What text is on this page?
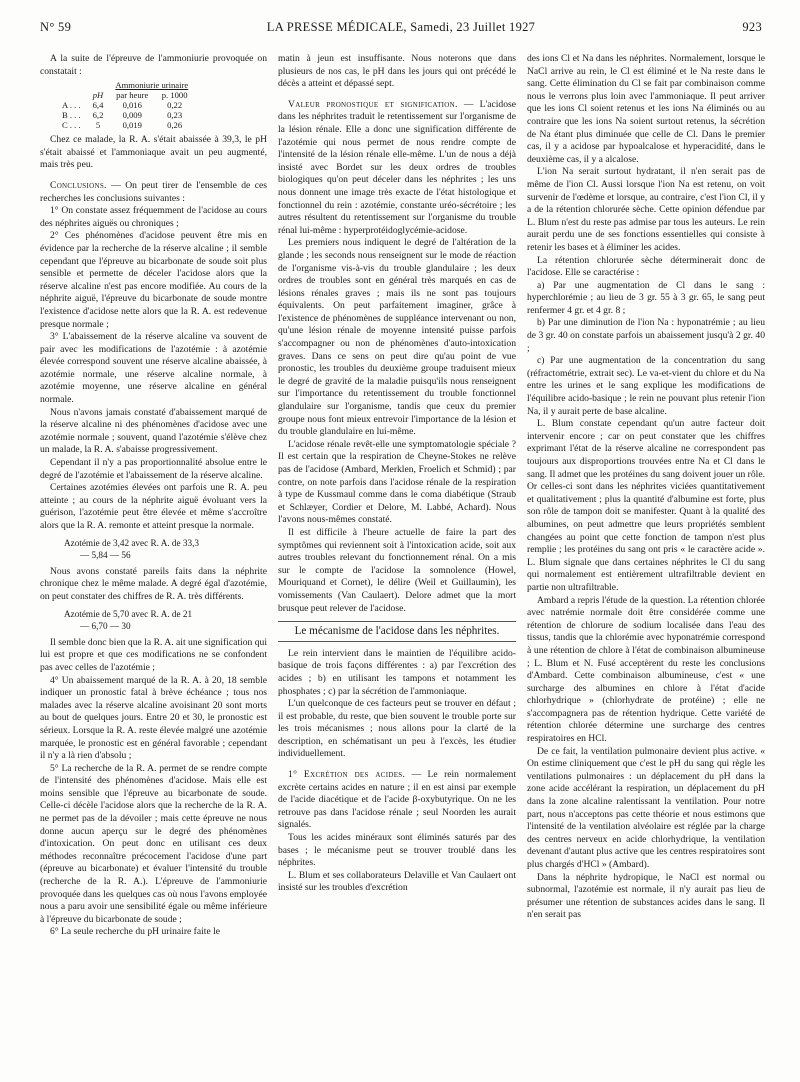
N° 59	LA PRESSE MÉDICALE, Samedi, 23 Juillet 1927	923

A la suite de l'épreuve de l'ammoniurie provoquée on constatait :

		Ammoniurie urinaire	
	pH	par heure	p. 1000
A . . .	6,4	0,016	0,22
B . . .	6,2	0,009	0,23
C . . .	5	0,019	0,26

Chez ce malade, la R. A. s'était abaissée à 39,3, le pH s'était abaissé et l'ammoniaque avait un peu augmenté, mais très peu.

Conclusions. — On peut tirer de l'ensemble de ces recherches les conclusions suivantes :

1° On constate assez fréquemment de l'acidose au cours des néphrites aiguës ou chroniques ;

2° Ces phénomènes d'acidose peuvent être mis en évidence par la recherche de la réserve alcaline ; il semble cependant que l'épreuve au bicarbonate de soude soit plus sensible et permette de déceler l'acidose alors que la réserve alcaline n'est pas encore modifiée. Au cours de la néphrite aiguë, l'épreuve du bicarbonate de soude montre l'existence d'acidose nette alors que la R. A. est redevenue presque normale ;

3° L'abaissement de la réserve alcaline va souvent de pair avec les modifications de l'azotémie : à azotémie élevée correspond souvent une réserve alcaline abaissée, à azotémie normale, une réserve alcaline normale, à azotémie moyenne, une réserve alcaline en général normale.

Nous n'avons jamais constaté d'abaissement marqué de la réserve alcaline ni des phénomènes d'acidose avec une azotémie normale ; souvent, quand l'azotémie s'élève chez un malade, la R. A. s'abaisse progressivement.

Cependant il n'y a pas proportionnalité absolue entre le degré de l'azotémie et l'abaissement de la réserve alcaline.

Certaines azotémies élevées ont parfois une R. A. peu atteinte ; au cours de la néphrite aiguë évoluant vers la guérison, l'azotémie peut être élevée et même s'accroître alors que la R. A. remonte et atteint presque la normale.

Azotémie de 3,42 avec R. A. de 33,3

— 5,84 — 56

Nous avons constaté pareils faits dans la néphrite chronique chez le même malade. A degré égal d'azotémie, on peut constater des chiffres de R. A. très différents.

Azotémie de 5,70 avec R. A. de 21

— 6,70 — 30

Il semble donc bien que la R. A. ait une signification qui lui est propre et que ces modifications ne se confondent pas avec celles de l'azotémie ;

4° Un abaissement marqué de la R. A. à 20, 18 semble indiquer un pronostic fatal à brève échéance ; tous nos malades avec la réserve alcaline avoisinant 20 sont morts au bout de quelques jours. Entre 20 et 30, le pronostic est sérieux. Lorsque la R. A. reste élevée malgré une azotémie marquée, le pronostic est en général favorable ; cependant il n'y a là rien d'absolu ;

5° La recherche de la R. A. permet de se rendre compte de l'intensité des phénomènes d'acidose. Mais elle est moins sensible que l'épreuve au bicarbonate de soude. Celle-ci décèle l'acidose alors que la recherche de la R. A. ne permet pas de la dévoiler ; mais cette épreuve ne nous donne aucun aperçu sur le degré des phénomènes d'intoxication. On peut donc en utilisant ces deux méthodes reconnaître précocement l'acidose d'une part (épreuve au bicarbonate) et évaluer l'intensité du trouble (recherche de la R. A.). L'épreuve de l'ammoniurie provoquée dans les quelques cas où nous l'avons employée nous a paru avoir une sensibilité égale ou même inférieure à l'épreuve du bicarbonate de soude ;

6° La seule recherche du pH urinaire faite le

matin à jeun est insuffisante. Nous noterons que dans plusieurs de nos cas, le pH dans les jours qui ont précédé le décès a atteint et dépassé sept.

Valeur pronostique et signification. — L'acidose dans les néphrites traduit le retentissement sur l'organisme de la lésion rénale. Elle a donc une signification différente de l'azotémie qui nous permet de nous rendre compte de l'intensité de la lésion rénale elle-même. L'un de nous a déjà insisté avec Bordet sur les deux ordres de troubles biologiques qu'on peut déceler dans les néphrites ; les uns nous donnent une image très exacte de l'état histologique et fonctionnel du rein : azotémie, constante uréo-sécrétoire ; les autres résultent du retentissement sur l'organisme du trouble rénal lui-même : hyperprotéidoglycémie-acidose.

Les premiers nous indiquent le degré de l'altération de la glande ; les seconds nous renseignent sur le mode de réaction de l'organisme vis-à-vis du trouble glandulaire ; les deux ordres de troubles sont en général très marqués en cas de lésions rénales graves ; mais ils ne sont pas toujours équivalents. On peut parfaitement imaginer, grâce à l'existence de phénomènes de suppléance intervenant ou non, qu'une lésion rénale de moyenne intensité puisse parfois s'accompagner ou non de phénomènes d'auto-intoxication graves. Dans ce sens on peut dire qu'au point de vue pronostic, les troubles du deuxième groupe traduisent mieux le degré de gravité de la maladie puisqu'ils nous renseignent sur l'importance du retentissement du trouble fonctionnel glandulaire sur l'organisme, tandis que ceux du premier groupe nous font mieux entrevoir l'importance de la lésion et du trouble glandulaire en lui-même.

L'acidose rénale revêt-elle une symptomatologie spéciale ? Il est certain que la respiration de Cheyne-Stokes ne relève pas de l'acidose (Ambard, Merklen, Froelich et Schmid) ; par contre, on note parfois dans l'acidose rénale de la respiration à type de Kussmaul comme dans le coma diabétique (Straub et Schlæyer, Cordier et Delore, M. Labbé, Achard). Nous l'avons nous-mêmes constaté.

Il est difficile à l'heure actuelle de faire la part des symptômes qui reviennent soit à l'intoxication acide, soit aux autres troubles relevant du fonctionnement rénal. On a mis sur le compte de l'acidose la somnolence (Howel, Mouriquand et Cornet), le délire (Weil et Guillaumin), les vomissements (Van Caulaert). Delore admet que la mort brusque peut relever de l'acidose.

Le mécanisme de l'acidose dans les néphrites.

Le rein intervient dans le maintien de l'équilibre acido-basique de trois façons différentes : a) par l'excrétion des acides ; b) en utilisant les tampons et notamment les phosphates ; c) par la sécrétion de l'ammoniaque.

L'un quelconque de ces facteurs peut se trouver en défaut ; il est probable, du reste, que bien souvent le trouble porte sur les trois mécanismes ; nous allons pour la clarté de la description, en schématisant un peu à l'excès, les étudier individuellement.

1° Excrétion des acides. — Le rein normalement excrète certains acides en nature ; il en est ainsi par exemple de l'acide diacétique et de l'acide β-oxybutyrique. On ne les retrouve pas dans l'acidose rénale ; seul Noorden les aurait signalés.

Tous les acides minéraux sont éliminés saturés par des bases ; le mécanisme peut se trouver troublé dans les néphrites.

L. Blum et ses collaborateurs Delaville et Van Caulaert ont insisté sur les troubles d'excrétion

des ions Cl et Na dans les néphrites. Normalement, lorsque le NaCl arrive au rein, le Cl est éliminé et le Na reste dans le sang. Cette élimination du Cl se fait par combinaison comme nous le verrons plus loin avec l'ammoniaque. Il peut arriver que les ions Cl soient retenus et les ions Na éliminés ou au contraire que les ions Na soient surtout retenus, la sécrétion de Na étant plus diminuée que celle de Cl. Dans le premier cas, il y a acidose par hypoalcalose et hyperacidité, dans le deuxième cas, il y a alcalose.

L'ion Na serait surtout hydratant, il n'en serait pas de même de l'ion Cl. Aussi lorsque l'ion Na est retenu, on voit survenir de l'œdème et lorsque, au contraire, c'est l'ion Cl, il y a de la rétention chlorurée sèche. Cette opinion défendue par L. Blum n'est du reste pas admise par tous les auteurs. Le rein aurait perdu une de ses fonctions essentielles qui consiste à retenir les bases et à éliminer les acides.

La rétention chlorurée sèche déterminerait donc de l'acidose. Elle se caractérise :

a) Par une augmentation de Cl dans le sang : hyperchlorémie ; au lieu de 3 gr. 55 à 3 gr. 65, le sang peut renfermer 4 gr. et 4 gr. 8 ;

b) Par une diminution de l'ion Na : hyponatrémie ; au lieu de 3 gr. 40 on constate parfois un abaissement jusqu'à 2 gr. 40 ;

c) Par une augmentation de la concentration du sang (réfractométrie, extrait sec). Le va-et-vient du chlore et du Na entre les urines et le sang explique les modifications de l'équilibre acido-basique ; le rein ne pouvant plus retenir l'ion Na, il y aurait perte de base alcaline.

L. Blum constate cependant qu'un autre facteur doit intervenir encore ; car on peut constater que les chiffres exprimant l'état de la réserve alcaline ne correspondent pas toujours aux disproportions trouvées entre Na et Cl dans le sang. Il admet que les protéines du sang doivent jouer un rôle. Or celles-ci sont dans les néphrites viciées quantitativement et qualitativement ; plus la quantité d'albumine est forte, plus son rôle de tampon doit se manifester. Quant à la qualité des albumines, on peut admettre que leurs propriétés semblent changées au point que cette fonction de tampon n'est plus remplie ; les protéines du sang ont pris « le caractère acide ». L. Blum signale que dans certaines néphrites le Cl du sang qui normalement est entièrement ultrafiltrable devient en partie non ultrafiltrable.

Ambard a repris l'étude de la question. La rétention chlorée avec natrémie normale doit être considérée comme une rétention de chlorure de sodium localisée dans l'eau des tissus, tandis que la chlorémie avec hyponatrémie correspond à une rétention de chlore à l'état de combinaison albumineuse ; L. Blum et N. Fusé acceptèrent du reste les conclusions d'Ambard. Cette combinaison albumineuse, c'est « une surcharge des albumines en chlore à l'état d'acide chlorhydrique » (chlorhydrate de protéine) ; elle ne s'accompagnera pas de rétention hydrique. Cette variété de rétention chlorée détermine une surcharge des centres respiratoires en HCl.

De ce fait, la ventilation pulmonaire devient plus active. « On estime cliniquement que c'est le pH du sang qui règle les ventilations pulmonaires : un déplacement du pH dans la zone acide accélérant la respiration, un déplacement du pH dans la zone alcaline ralentissant la ventilation. Pour notre part, nous n'acceptons pas cette théorie et nous estimons que l'intensité de la ventilation alvéolaire est réglée par la charge des centres nerveux en acide chlorhydrique, la ventilation devenant d'autant plus active que les centres respiratoires sont plus chargés d'HCl » (Ambard).

Dans la néphrite hydropique, le NaCl est normal ou subnormal, l'azotémie est normale, il n'y aurait pas lieu de présumer une rétention de substances acides dans le sang. Il n'en serait pas
